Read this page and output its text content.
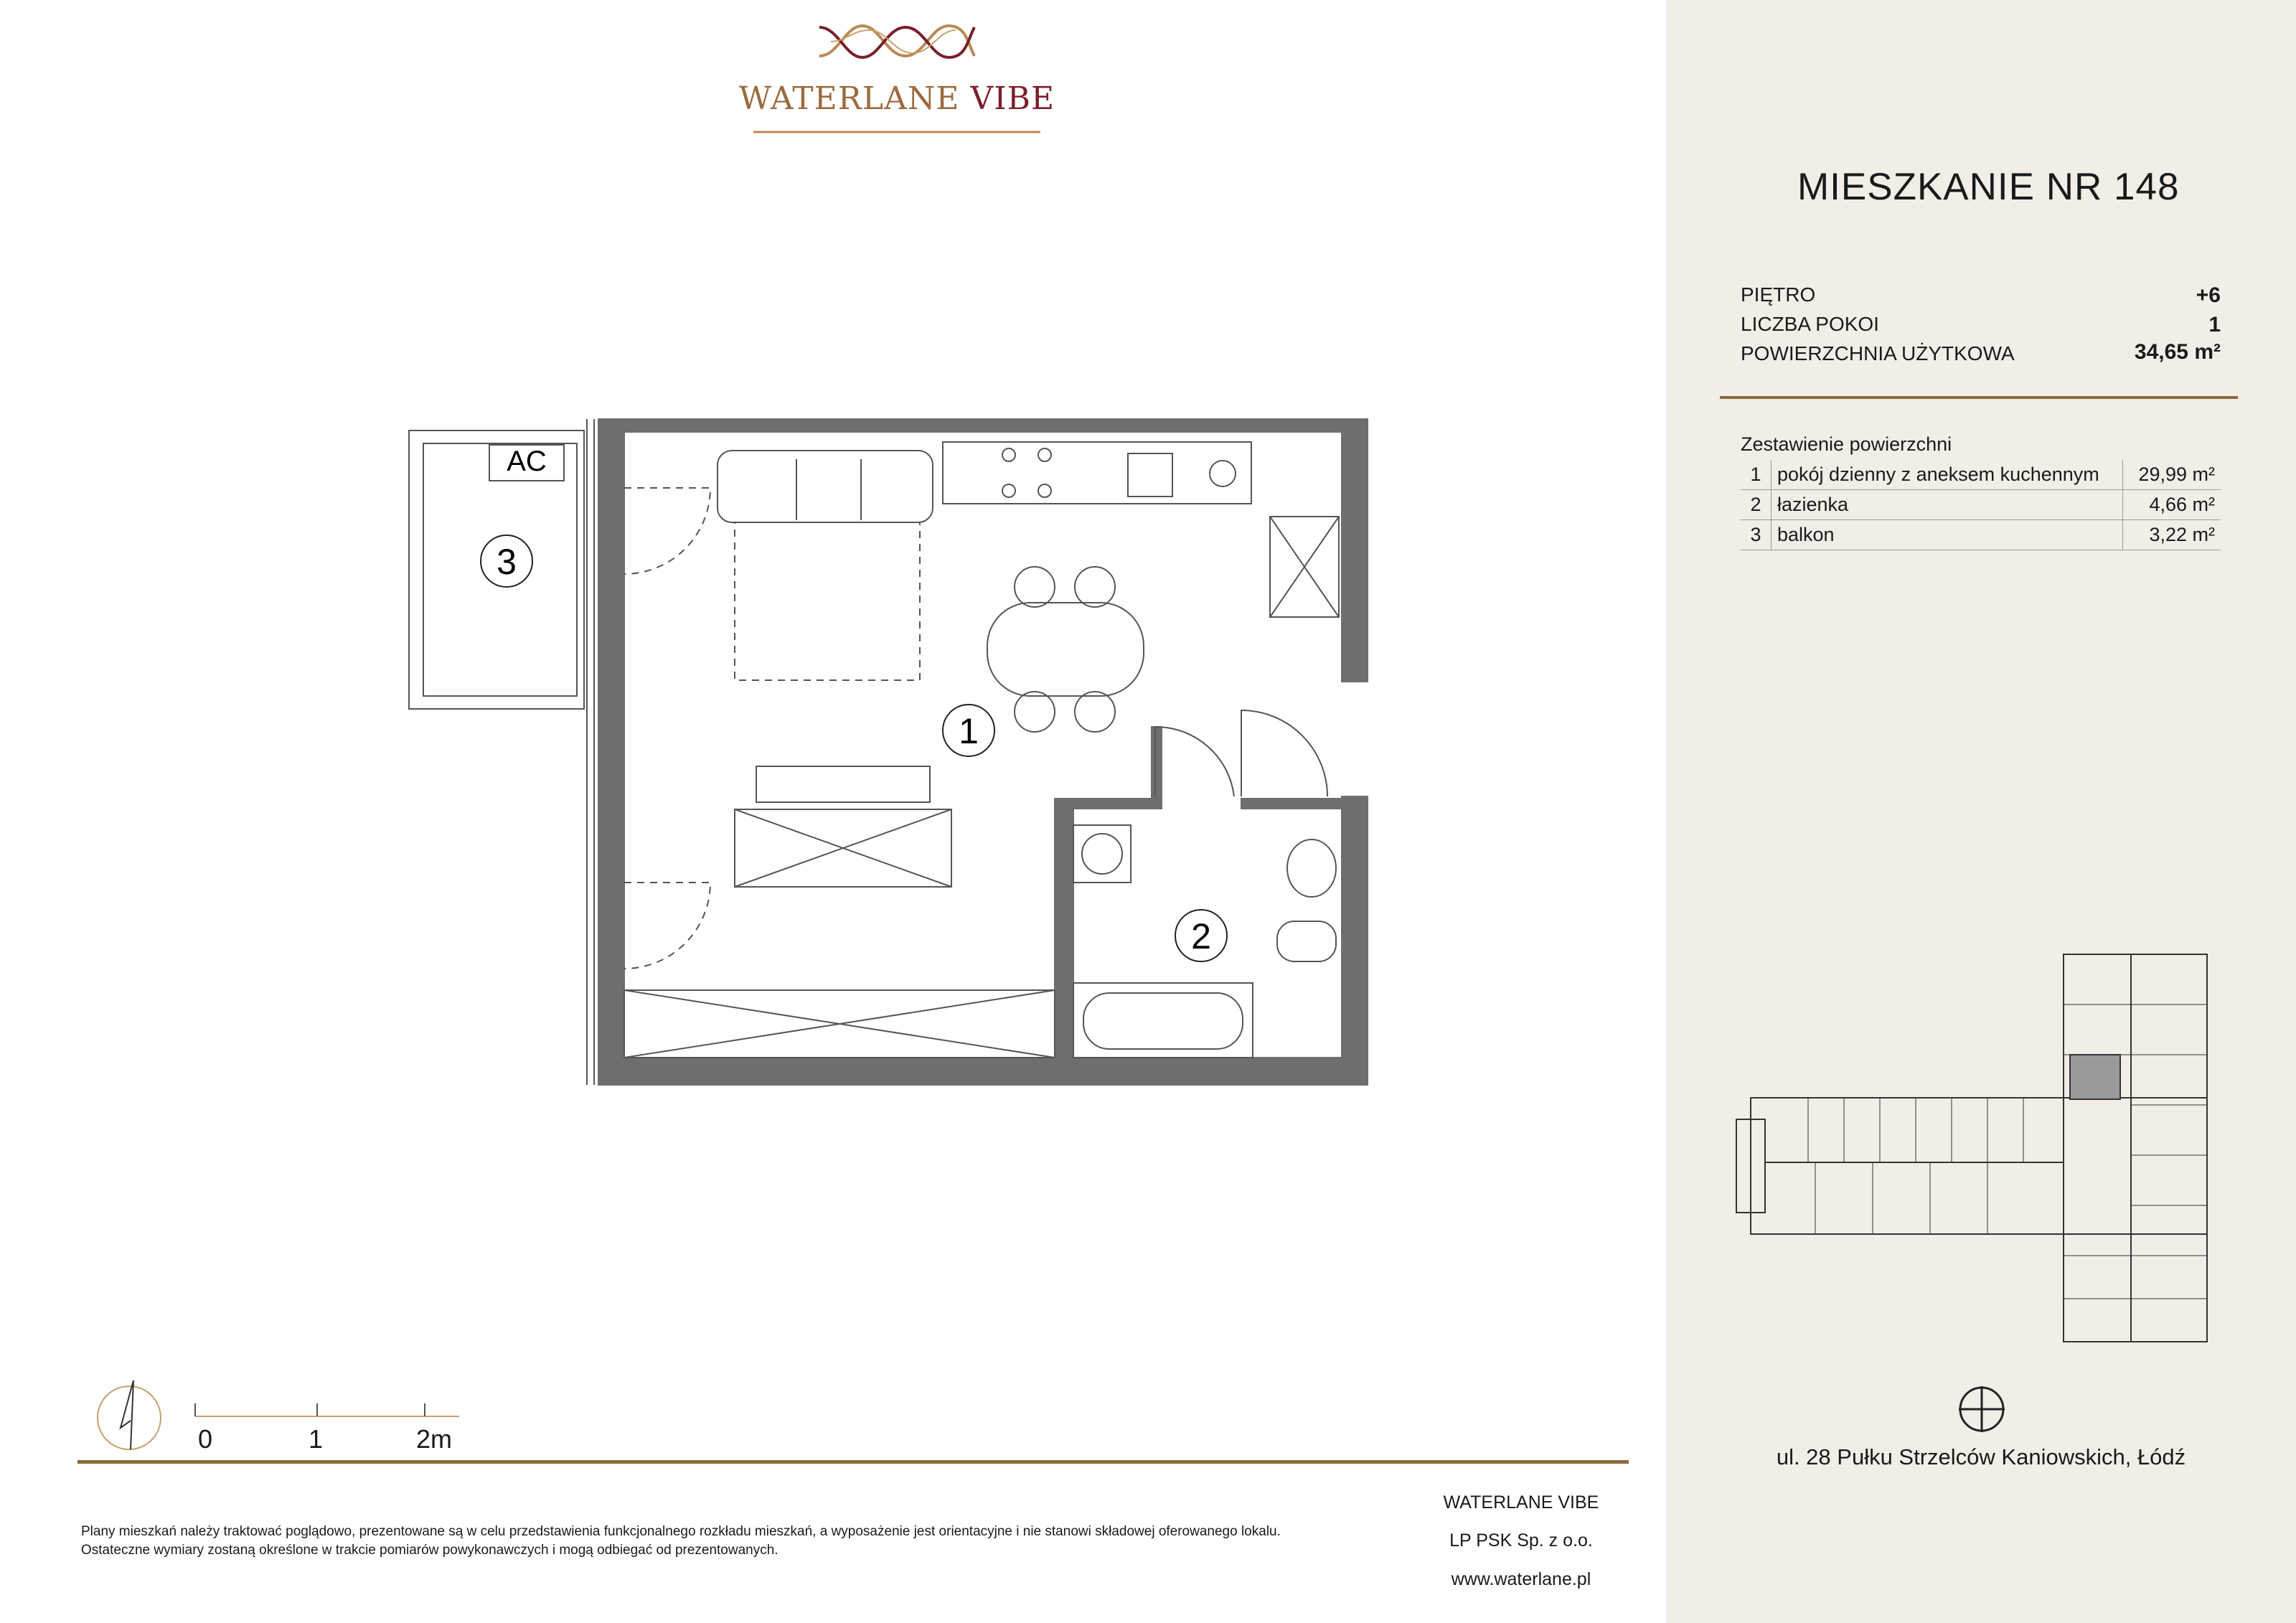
WATERLANE VIBE
AC
3
1
2
MIESZKANIE NR 148
PIĘTRO	+6
LICZBA POKOI	1
POWIERZCHNIA UŻYTKOWA	34,65 m²
Zestawienie powierzchni
1	pokój dzienny z aneksem kuchennym	29,99 m²
2	łazienka	4,66 m²
3	balkon	3,22 m²
ul. 28 Pułku Strzelców Kaniowskich, Łódź
0	1	2m
Plany mieszkań należy traktować poglądowo, prezentowane są w celu przedstawienia funkcjonalnego rozkładu mieszkań, a wyposażenie jest orientacyjne i nie stanowi składowej oferowanego lokalu.
Ostateczne wymiary zostaną określone w trakcie pomiarów powykonawczych i mogą odbiegać od prezentowanych.
WATERLANE VIBE
LP PSK Sp. z o.o.
www.waterlane.pl
